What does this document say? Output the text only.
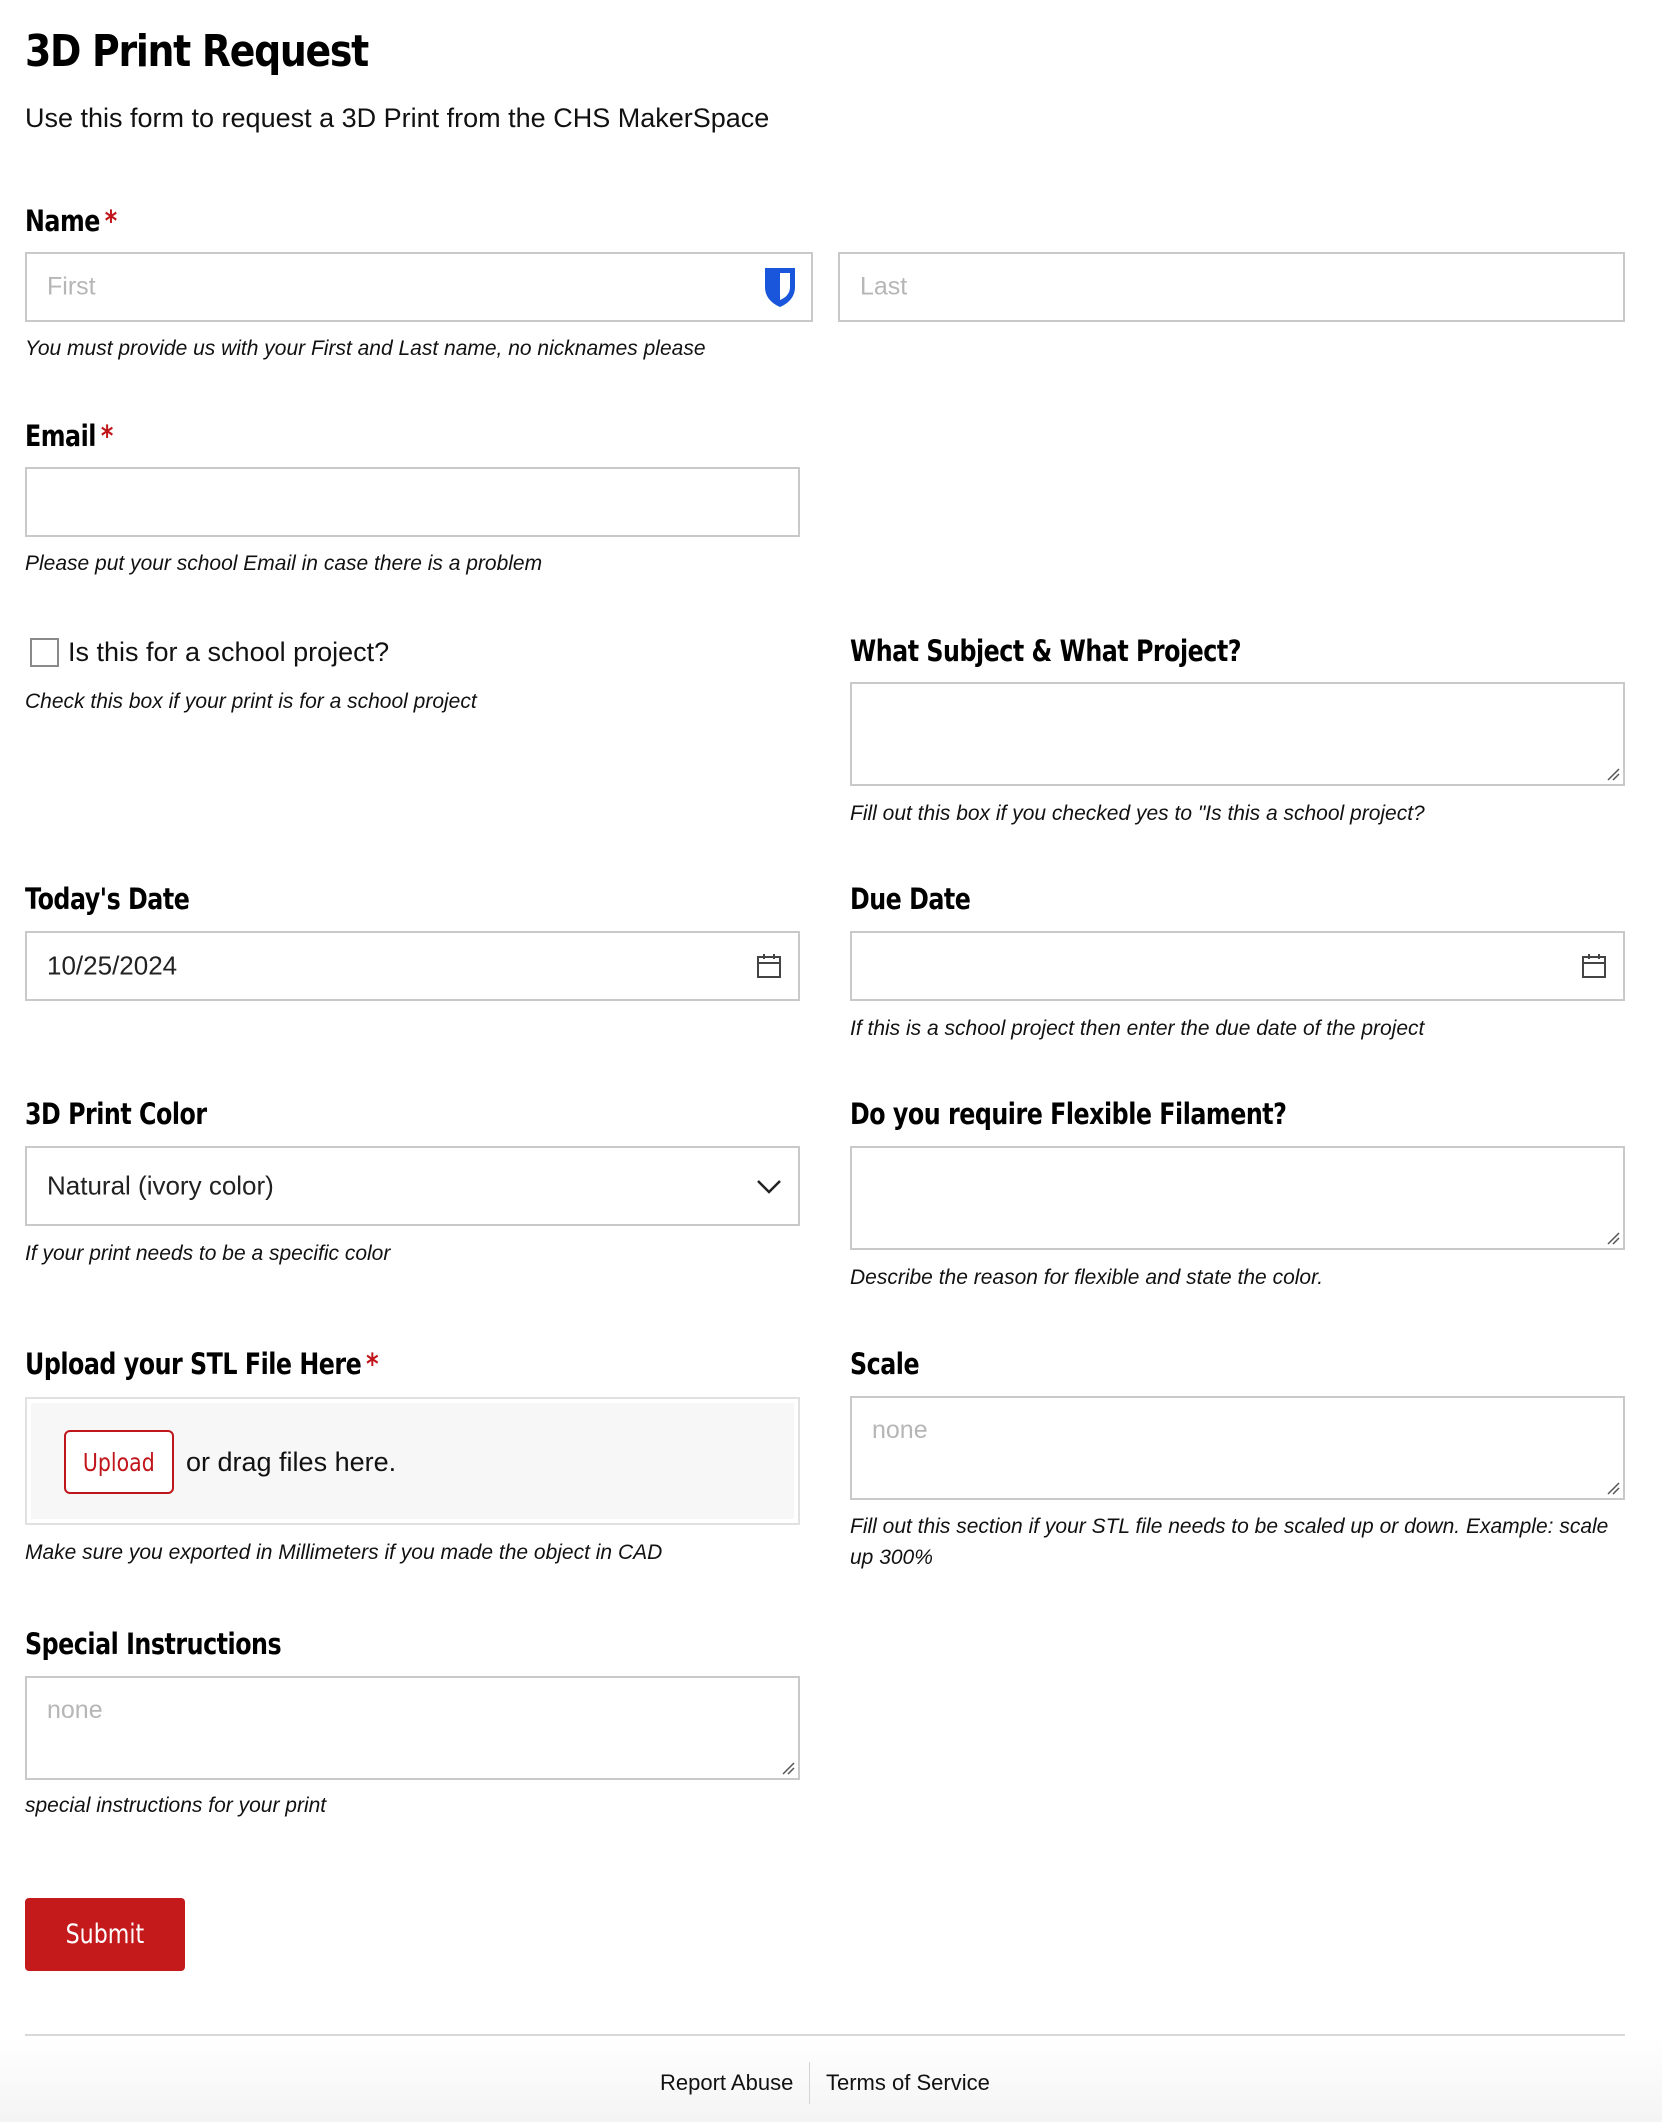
3D Print Request
Use this form to request a 3D Print from the CHS MakerSpace
Name *
First	Last
You must provide us with your First and Last name, no nicknames please
Email *
Please put your school Email in case there is a problem
Is this for a school project?
Check this box if your print is for a school project
What Subject & What Project?
Fill out this box if you checked yes to "Is this a school project?
Today's Date
10/25/2024
Due Date
If this is a school project then enter the due date of the project
3D Print Color
Natural (ivory color)
If your print needs to be a specific color
Do you require Flexible Filament?
Describe the reason for flexible and state the color.
Upload your STL File Here *
Upload or drag files here.
Make sure you exported in Millimeters if you made the object in CAD
Scale
none
Fill out this section if your STL file needs to be scaled up or down. Example: scale up 300%
Special Instructions
none
special instructions for your print
Submit
Report Abuse Terms of Service
